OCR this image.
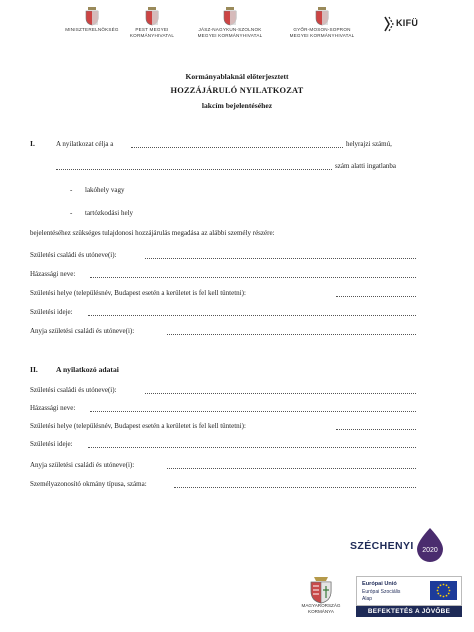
MINISZTERELNÖKSÉG	PEST MEGYEI
KORMÁNYHIVATAL
JÁSZ-NAGYKUN-SZOLNOK
MEGYEI KORMÁNYHIVATAL
GYŐR-MOSON-SOPRON
MEGYEI KORMÁNYHIVATAL
KIFÜ
Kormányablaknál előterjesztett
HOZZÁJÁRULÓ NYILATKOZAT
lakcím bejelentéséhez
I.	A nyilatkozat célja a	helyrajzi számú,
szám alatti ingatlanba
- lakóhely vagy
- tartózkodási hely
bejelentéséhez szükséges tulajdonosi hozzájárulás megadása az alábbi személy részére:
Születési családi és utóneve(i):
Házassági neve:
Születési helye (településnév, Budapest esetén a kerületet is fel kell tüntetni):
Születési ideje:
Anyja születési családi és utóneve(i):
II. A nyilatkozó adatai
Születési családi és utóneve(i):
Házassági neve:
Születési helye (településnév, Budapest esetén a kerületet is fel kell tüntetni):
Születési ideje:
Anyja születési családi és utóneve(i):
Személyazonosító okmány típusa, száma:
SZÉCHENYI 2020
MAGYARORSZÁG
KORMÁNYA
Európai Unió
Európai Szociális
Alap
BEFEKTETÉS A JÖVŐBE
